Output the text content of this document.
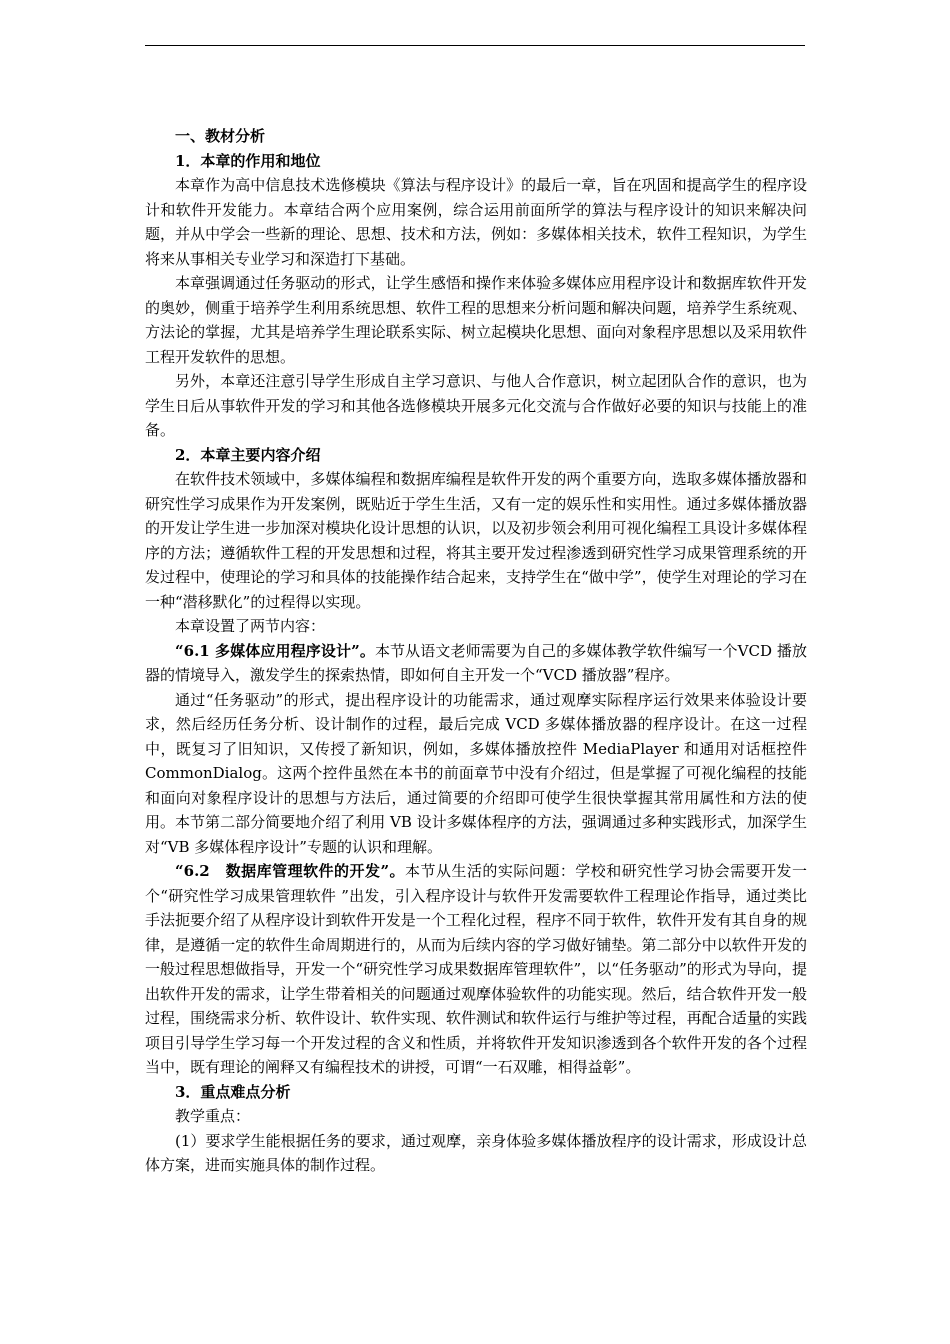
一、教材分析

1．本章的作用和地位

本章作为高中信息技术选修模块《算法与程序设计》的最后一章，旨在巩固和提高学生的程序设计和软件开发能力。本章结合两个应用案例，综合运用前面所学的算法与程序设计的知识来解决问题，并从中学会一些新的理论、思想、技术和方法，例如：多媒体相关技术，软件工程知识，为学生将来从事相关专业学习和深造打下基础。

本章强调通过任务驱动的形式，让学生感悟和操作来体验多媒体应用程序设计和数据库软件开发的奥妙，侧重于培养学生利用系统思想、软件工程的思想来分析问题和解决问题，培养学生系统观、方法论的掌握，尤其是培养学生理论联系实际、树立起模块化思想、面向对象程序思想以及采用软件工程开发软件的思想。

另外，本章还注意引导学生形成自主学习意识、与他人合作意识，树立起团队合作的意识，也为学生日后从事软件开发的学习和其他各选修模块开展多元化交流与合作做好必要的知识与技能上的准备。

2．本章主要内容介绍

在软件技术领域中，多媒体编程和数据库编程是软件开发的两个重要方向，选取多媒体播放器和研究性学习成果作为开发案例，既贴近于学生生活，又有一定的娱乐性和实用性。通过多媒体播放器的开发让学生进一步加深对模块化设计思想的认识，以及初步领会利用可视化编程工具设计多媒体程序的方法；遵循软件工程的开发思想和过程，将其主要开发过程渗透到研究性学习成果管理系统的开发过程中，使理论的学习和具体的技能操作结合起来，支持学生在“做中学”，使学生对理论的学习在一种“潜移默化”的过程得以实现。

本章设置了两节内容：

“6.1 多媒体应用程序设计”。本节从语文老师需要为自己的多媒体教学软件编写一个VCD 播放器的情境导入，激发学生的探索热情，即如何自主开发一个“VCD 播放器”程序。

通过“任务驱动”的形式，提出程序设计的功能需求，通过观摩实际程序运行效果来体验设计要求，然后经历任务分析、设计制作的过程，最后完成 VCD 多媒体播放器的程序设计。在这一过程中，既复习了旧知识，又传授了新知识，例如，多媒体播放控件 MediaPlayer 和通用对话框控件 CommonDialog。这两个控件虽然在本书的前面章节中没有介绍过，但是掌握了可视化编程的技能和面向对象程序设计的思想与方法后，通过简要的介绍即可使学生很快掌握其常用属性和方法的使用。本节第二部分简要地介绍了利用 VB 设计多媒体程序的方法，强调通过多种实践形式，加深学生对“VB 多媒体程序设计”专题的认识和理解。

“6.2　数据库管理软件的开发”。本节从生活的实际问题：学校和研究性学习协会需要开发一个“研究性学习成果管理软件 ”出发，引入程序设计与软件开发需要软件工程理论作指导，通过类比手法扼要介绍了从程序设计到软件开发是一个工程化过程，程序不同于软件，软件开发有其自身的规律，是遵循一定的软件生命周期进行的，从而为后续内容的学习做好铺垫。第二部分中以软件开发的一般过程思想做指导，开发一个“研究性学习成果数据库管理软件”，以“任务驱动”的形式为导向，提出软件开发的需求，让学生带着相关的问题通过观摩体验软件的功能实现。然后，结合软件开发一般过程，围绕需求分析、软件设计、软件实现、软件测试和软件运行与维护等过程，再配合适量的实践项目引导学生学习每一个开发过程的含义和性质，并将软件开发知识渗透到各个软件开发的各个过程当中，既有理论的阐释又有编程技术的讲授，可谓“一石双雕，相得益彰”。

3．重点难点分析

教学重点：

(1）要求学生能根据任务的要求，通过观摩，亲身体验多媒体播放程序的设计需求，形成设计总体方案，进而实施具体的制作过程。
